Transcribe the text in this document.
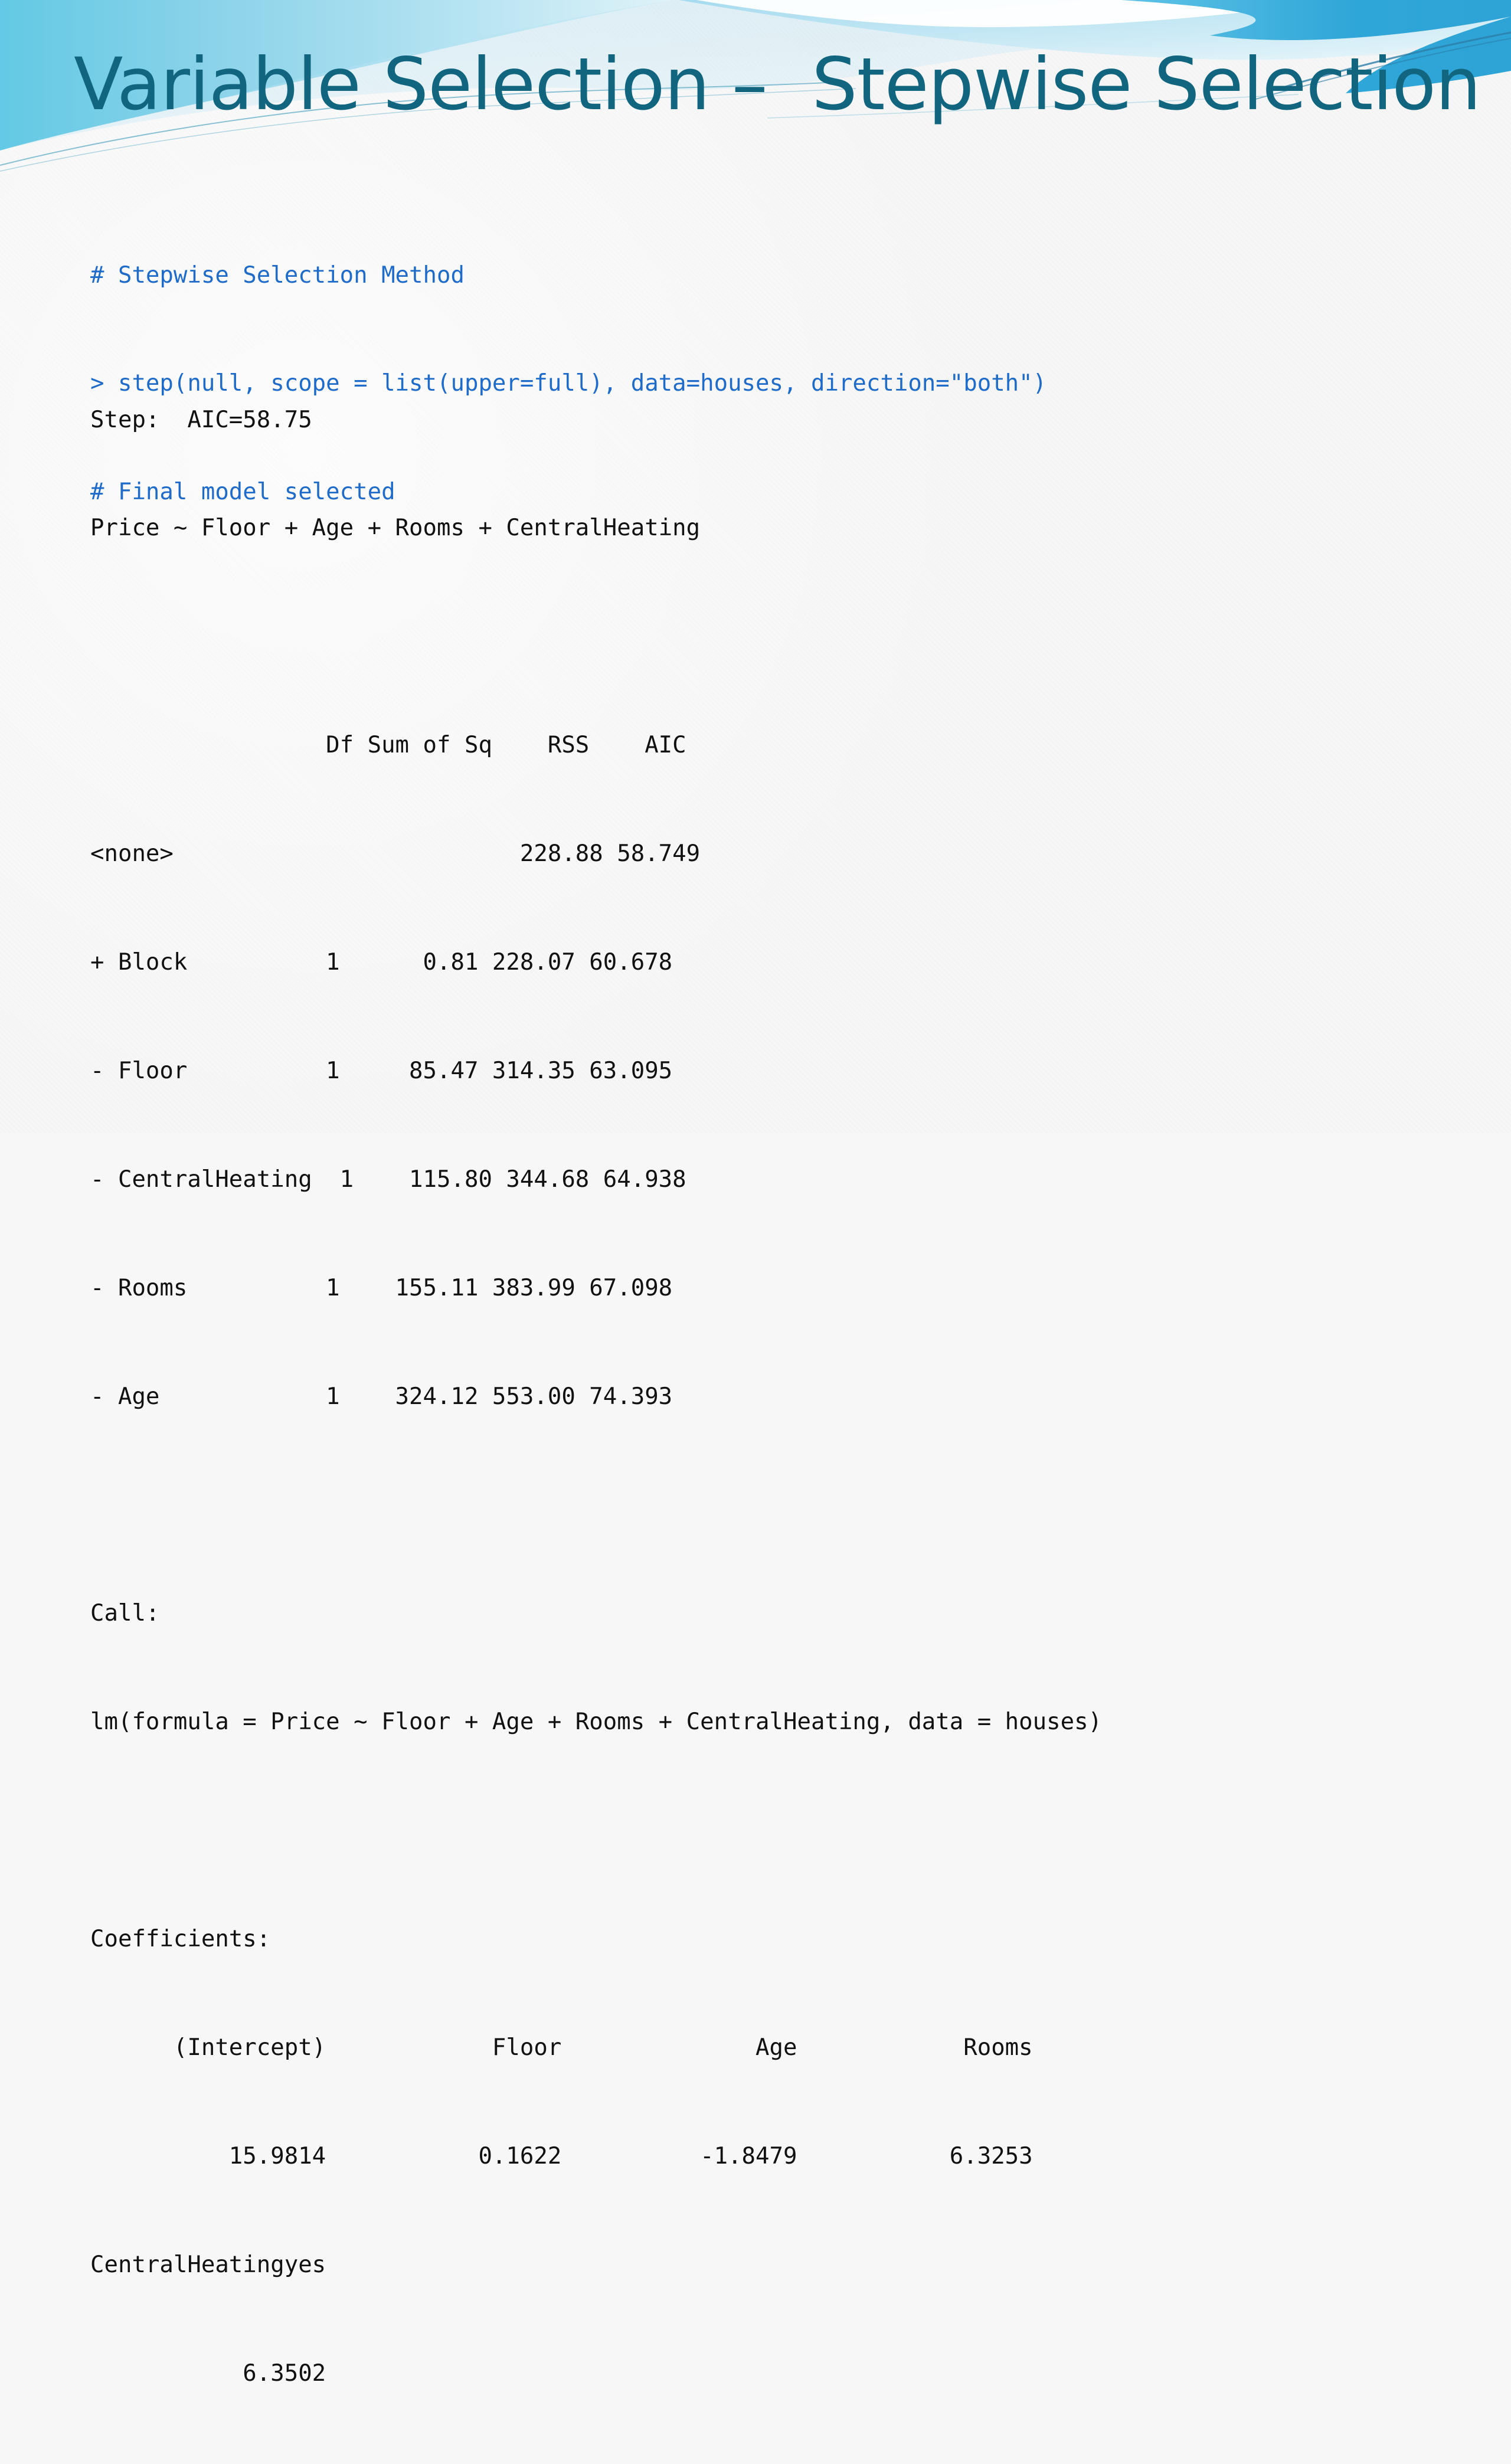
Variable Selection –  Stepwise Selection

# Stepwise Selection Method

> step(null, scope = list(upper=full), data=houses, direction="both")

# Final model selected

Step:  AIC=58.75

Price ~ Floor + Age + Rooms + CentralHeating

Df Sum of Sq    RSS    AIC

<none>                         228.88 58.749

+ Block          1      0.81 228.07 60.678

- Floor          1     85.47 314.35 63.095

- CentralHeating  1    115.80 344.68 64.938

- Rooms          1    155.11 383.99 67.098

- Age            1    324.12 553.00 74.393

Call:

lm(formula = Price ~ Floor + Age + Rooms + CentralHeating, data = houses)

Coefficients:

(Intercept)            Floor              Age            Rooms

15.9814           0.1622          -1.8479           6.3253

CentralHeatingyes

6.3502
